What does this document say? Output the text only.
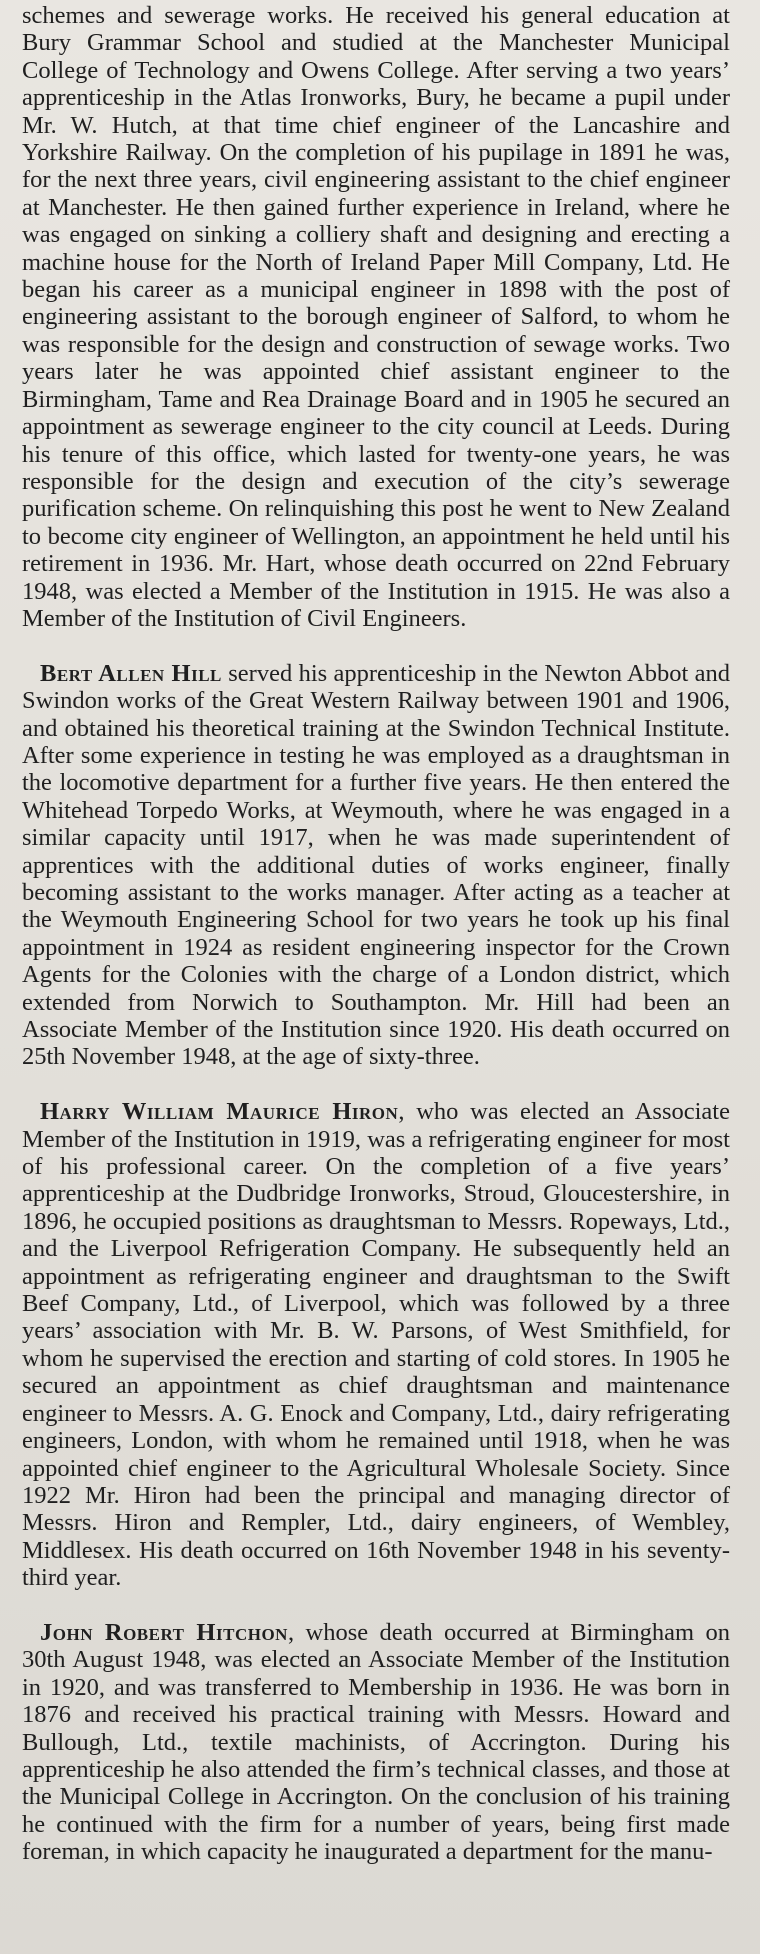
schemes and sewerage works. He received his general education at Bury Grammar School and studied at the Manchester Municipal College of Technology and Owens College. After serving a two years’ apprenticeship in the Atlas Ironworks, Bury, he became a pupil under Mr. W. Hutch, at that time chief engineer of the Lancashire and Yorkshire Railway. On the completion of his pupilage in 1891 he was, for the next three years, civil engineering assistant to the chief engineer at Manchester. He then gained further experience in Ireland, where he was engaged on sinking a colliery shaft and designing and erecting a machine house for the North of Ireland Paper Mill Company, Ltd. He began his career as a municipal engineer in 1898 with the post of engineering assistant to the borough engineer of Salford, to whom he was responsible for the design and construction of sewage works. Two years later he was appointed chief assistant engineer to the Birmingham, Tame and Rea Drainage Board and in 1905 he secured an appointment as sewerage engineer to the city council at Leeds. During his tenure of this office, which lasted for twenty-one years, he was responsible for the design and execution of the city’s sewerage purification scheme. On relinquishing this post he went to New Zealand to become city engineer of Wellington, an appointment he held until his retirement in 1936. Mr. Hart, whose death occurred on 22nd February 1948, was elected a Member of the Institution in 1915. He was also a Member of the Institution of Civil Engineers.

Bert Allen Hill served his apprenticeship in the Newton Abbot and Swindon works of the Great Western Railway between 1901 and 1906, and obtained his theoretical training at the Swindon Technical Institute. After some experience in testing he was employed as a draughtsman in the locomotive department for a further five years. He then entered the Whitehead Torpedo Works, at Weymouth, where he was engaged in a similar capacity until 1917, when he was made superintendent of apprentices with the additional duties of works engineer, finally becoming assistant to the works manager. After acting as a teacher at the Weymouth Engineering School for two years he took up his final appointment in 1924 as resident engineering inspector for the Crown Agents for the Colonies with the charge of a London district, which extended from Norwich to Southampton. Mr. Hill had been an Associate Member of the Institution since 1920. His death occurred on 25th November 1948, at the age of sixty-three.

Harry William Maurice Hiron, who was elected an Associate Member of the Institution in 1919, was a refrigerating engineer for most of his professional career. On the completion of a five years’ apprenticeship at the Dudbridge Ironworks, Stroud, Gloucestershire, in 1896, he occupied positions as draughtsman to Messrs. Ropeways, Ltd., and the Liverpool Refrigeration Company. He subsequently held an appointment as refrigerating engineer and draughtsman to the Swift Beef Company, Ltd., of Liverpool, which was followed by a three years’ association with Mr. B. W. Parsons, of West Smithfield, for whom he supervised the erection and starting of cold stores. In 1905 he secured an appointment as chief draughtsman and maintenance engineer to Messrs. A. G. Enock and Company, Ltd., dairy refrigerating engineers, London, with whom he remained until 1918, when he was appointed chief engineer to the Agricultural Wholesale Society. Since 1922 Mr. Hiron had been the principal and managing director of Messrs. Hiron and Rempler, Ltd., dairy engineers, of Wembley, Middlesex. His death occurred on 16th November 1948 in his seventy-third year.

John Robert Hitchon, whose death occurred at Birmingham on 30th August 1948, was elected an Associate Member of the Institution in 1920, and was transferred to Membership in 1936. He was born in 1876 and received his practical training with Messrs. Howard and Bullough, Ltd., textile machinists, of Accrington. During his apprenticeship he also attended the firm’s technical classes, and those at the Municipal College in Accrington. On the conclusion of his training he continued with the firm for a number of years, being first made foreman, in which capacity he inaugurated a department for the manu-
